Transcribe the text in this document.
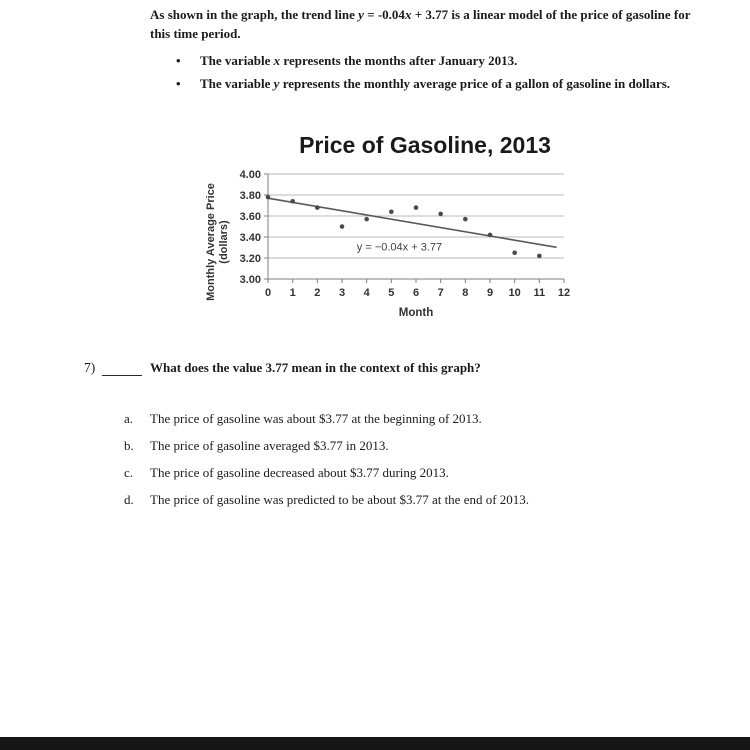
As shown in the graph, the trend line y = -0.04x + 3.77 is a linear model of the price of gasoline for this time period.
•	The variable x represents the months after January 2013.
•	The variable y represents the monthly average price of a gallon of gasoline in dollars.
Price of Gasoline, 2013
Monthly Average Price
(dollars)
3.00
3.20
3.40
3.60
3.80
4.00
0 1 2 3 4 5 6 7 8 9 10 11 12
y = −0.04x + 3.77
Month
7)	What does the value 3.77 mean in the context of this graph?
a.	The price of gasoline was about $3.77 at the beginning of 2013.
b.	The price of gasoline averaged $3.77 in 2013.
c.	The price of gasoline decreased about $3.77 during 2013.
d.	The price of gasoline was predicted to be about $3.77 at the end of 2013.
